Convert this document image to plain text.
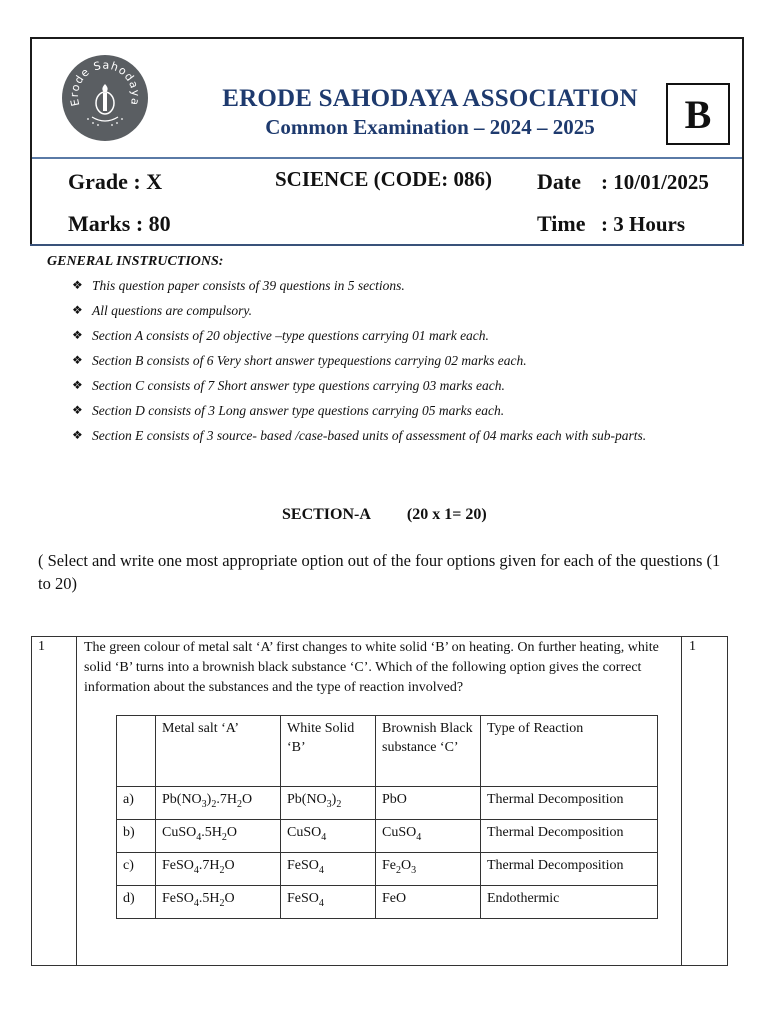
Erode Sahodaya	ERODE SAHODAYA ASSOCIATION
Common Examination – 2024 – 2025	B
Grade : X	SCIENCE (CODE: 086) Date : 10/01/2025
Marks : 80	Time : 3 Hours
GENERAL INSTRUCTIONS:
❖ This question paper consists of 39 questions in 5 sections.
❖ All questions are compulsory.
❖ Section A consists of 20 objective –type questions carrying 01 mark each.
❖ Section B consists of 6 Very short answer typequestions carrying 02 marks each.
❖ Section C consists of 7 Short answer type questions carrying 03 marks each.
❖ Section D consists of 3 Long answer type questions carrying 05 marks each.
❖ Section E consists of 3 source- based /case-based units of assessment of 04 marks each with sub-parts.
SECTION-A (20 x 1= 20)
( Select and write one most appropriate option out of the four options given for each of the questions (1 to 20)
1	1
The green colour of metal salt ‘A’ first changes to white solid ‘B’ on heating. On further heating, white solid ‘B’ turns into a brownish black substance ‘C’. Which of the following option gives the correct information about the substances and the type of reaction involved?
	Metal salt ‘A’	White Solid ‘B’	Brownish Black substance ‘C’	Type of Reaction
a)	$Pb(NO_3)_2.7H_2O$	$Pb(NO_3)_2$	PbO	Thermal Decomposition
b)	$CuSO_4.5H_2O$	CuSO$_4$	CuSO$_4$	Thermal Decomposition
c)	$FeSO_4.7H_2O$	FeSO$_4$	$Fe_2O_3$	Thermal Decomposition
d)	$FeSO_4.5H_2O$	FeSO$_4$	FeO	Endothermic
